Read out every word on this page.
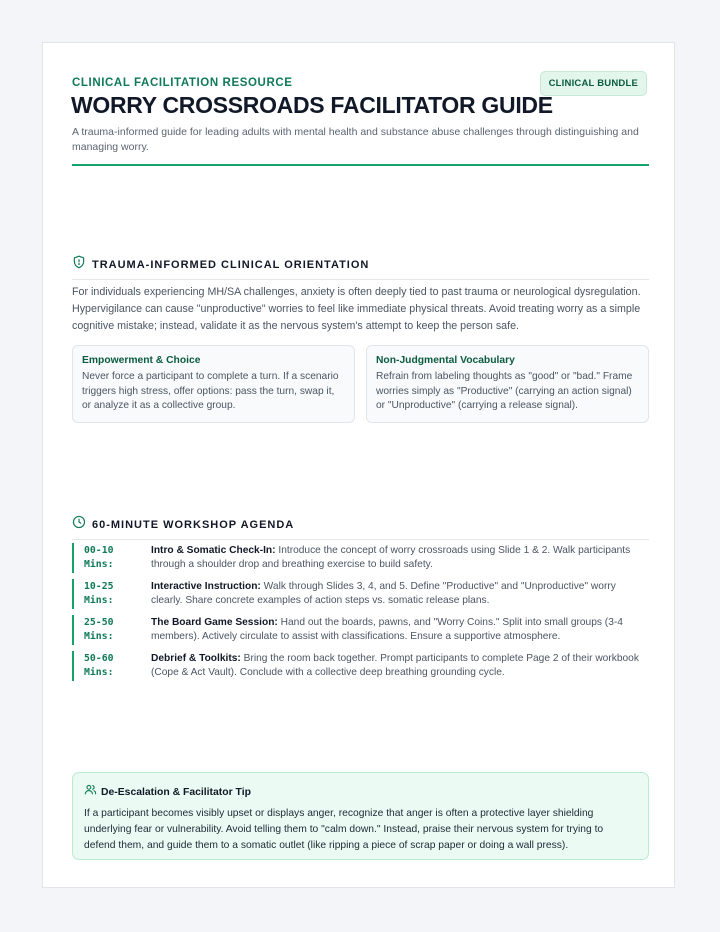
CLINICAL FACILITATION RESOURCE	CLINICAL BUNDLE
WORRY CROSSROADS FACILITATOR GUIDE
A trauma-informed guide for leading adults with mental health and substance abuse challenges through distinguishing and managing worry.
TRAUMA-INFORMED CLINICAL ORIENTATION
For individuals experiencing MH/SA challenges, anxiety is often deeply tied to past trauma or neurological dysregulation. Hypervigilance can cause "unproductive" worries to feel like immediate physical threats. Avoid treating worry as a simple cognitive mistake; instead, validate it as the nervous system's attempt to keep the person safe.
Empowerment & Choice
Never force a participant to complete a turn. If a scenario triggers high stress, offer options: pass the turn, swap it, or analyze it as a collective group.
Non-Judgmental Vocabulary
Refrain from labeling thoughts as "good" or "bad." Frame worries simply as "Productive" (carrying an action signal) or "Unproductive" (carrying a release signal).
60-MINUTE WORKSHOP AGENDA
00-10 Mins:
Intro & Somatic Check-In: Introduce the concept of worry crossroads using Slide 1 & 2. Walk participants through a shoulder drop and breathing exercise to build safety.
10-25 Mins:
Interactive Instruction: Walk through Slides 3, 4, and 5. Define "Productive" and "Unproductive" worry clearly. Share concrete examples of action steps vs. somatic release plans.
25-50 Mins:
The Board Game Session: Hand out the boards, pawns, and "Worry Coins." Split into small groups (3-4 members). Actively circulate to assist with classifications. Ensure a supportive atmosphere.
50-60 Mins:
Debrief & Toolkits: Bring the room back together. Prompt participants to complete Page 2 of their workbook (Cope & Act Vault). Conclude with a collective deep breathing grounding cycle.
De-Escalation & Facilitator Tip
If a participant becomes visibly upset or displays anger, recognize that anger is often a protective layer shielding underlying fear or vulnerability. Avoid telling them to "calm down." Instead, praise their nervous system for trying to defend them, and guide them to a somatic outlet (like ripping a piece of scrap paper or doing a wall press).
